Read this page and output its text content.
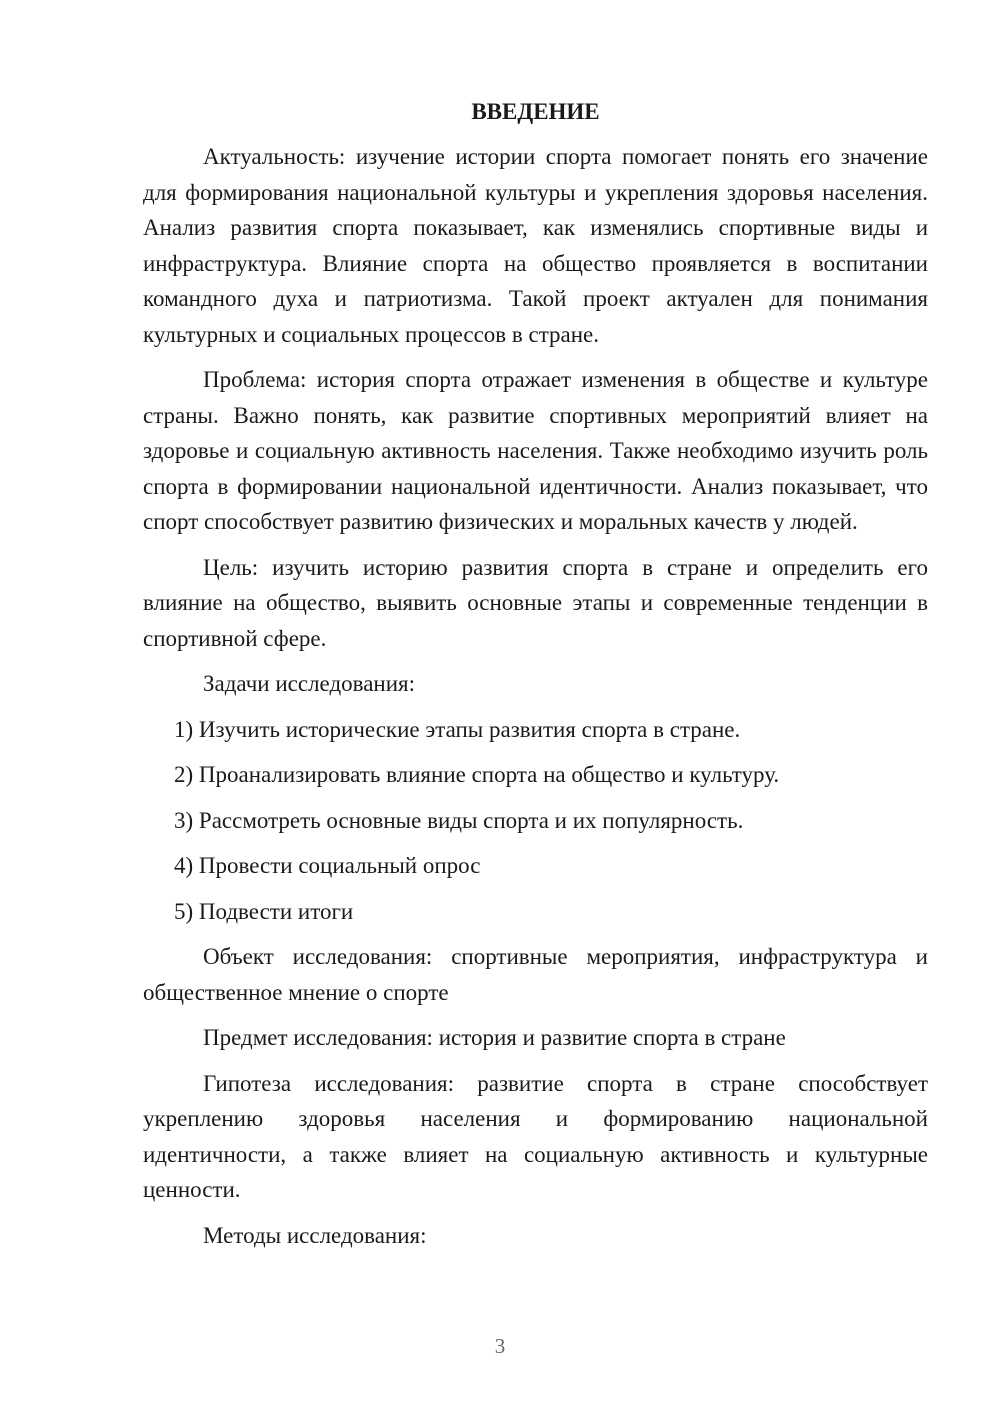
ВВЕДЕНИЕ

Актуальность: изучение истории спорта помогает понять его значение для формирования национальной культуры и укрепления здоровья населения. Анализ развития спорта показывает, как изменялись спортивные виды и инфраструктура. Влияние спорта на общество проявляется в воспитании командного духа и патриотизма. Такой проект актуален для понимания культурных и социальных процессов в стране.

Проблема: история спорта отражает изменения в обществе и культуре страны. Важно понять, как развитие спортивных мероприятий влияет на здоровье и социальную активность населения. Также необходимо изучить роль спорта в формировании национальной идентичности. Анализ показывает, что спорт способствует развитию физических и моральных качеств у людей.

Цель: изучить историю развития спорта в стране и определить его влияние на общество, выявить основные этапы и современные тенденции в спортивной сфере.

Задачи исследования:

1) Изучить исторические этапы развития спорта в стране.
2) Проанализировать влияние спорта на общество и культуру.
3) Рассмотреть основные виды спорта и их популярность.
4) Провести социальный опрос
5) Подвести итоги

Объект исследования: спортивные мероприятия, инфраструктура и общественное мнение о спорте

Предмет исследования: история и развитие спорта в стране

Гипотеза исследования: развитие спорта в стране способствует укреплению здоровья населения и формированию национальной идентичности, а также влияет на социальную активность и культурные ценности.

Методы исследования:

3
